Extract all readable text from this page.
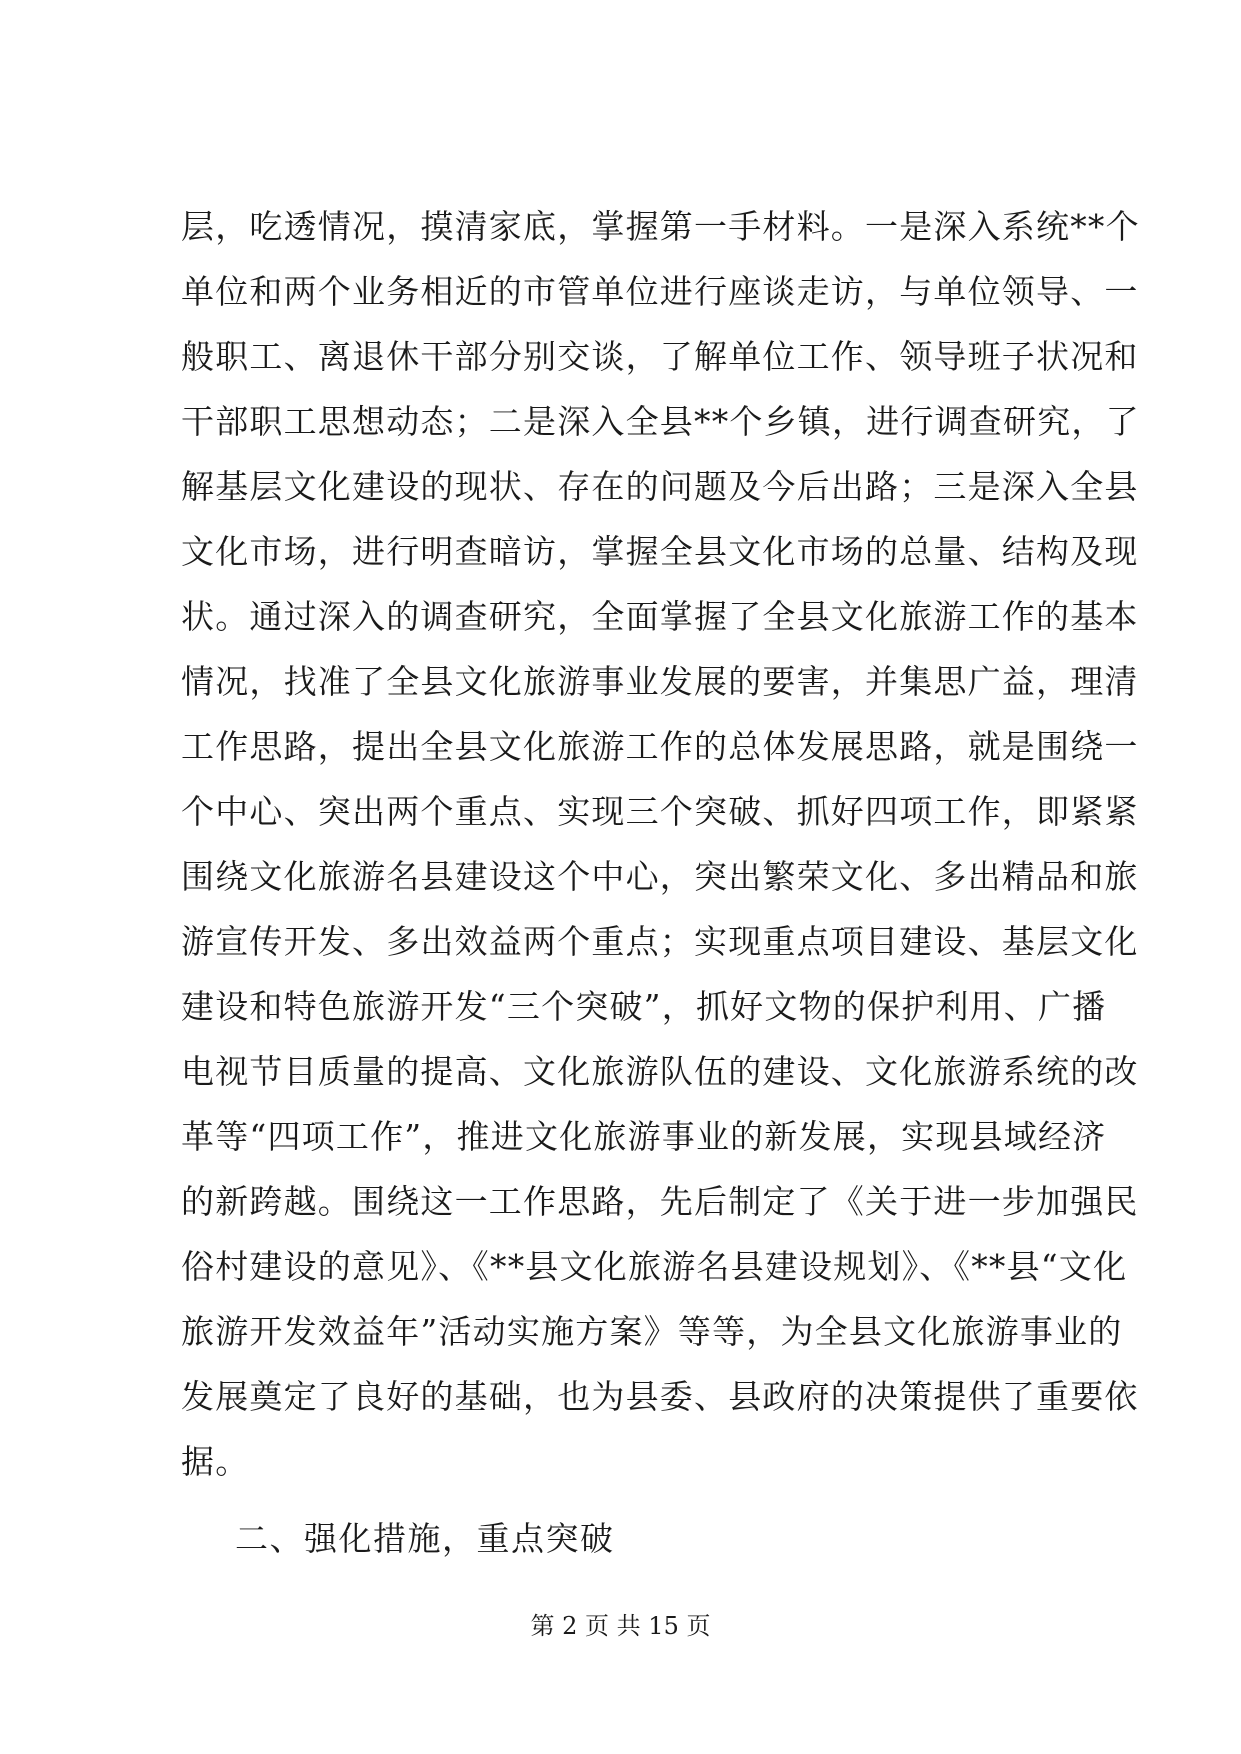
层，吃透情况，摸清家底，掌握第一手材料。一是深入系统**个
单位和两个业务相近的市管单位进行座谈走访，与单位领导、一
般职工、离退休干部分别交谈，了解单位工作、领导班子状况和
干部职工思想动态；二是深入全县**个乡镇，进行调查研究，了
解基层文化建设的现状、存在的问题及今后出路；三是深入全县
文化市场，进行明查暗访，掌握全县文化市场的总量、结构及现
状。通过深入的调查研究，全面掌握了全县文化旅游工作的基本
情况，找准了全县文化旅游事业发展的要害，并集思广益，理清
工作思路，提出全县文化旅游工作的总体发展思路，就是围绕一
个中心、突出两个重点、实现三个突破、抓好四项工作，即紧紧
围绕文化旅游名县建设这个中心，突出繁荣文化、多出精品和旅
游宣传开发、多出效益两个重点；实现重点项目建设、基层文化
建设和特色旅游开发“三个突破”，抓好文物的保护利用、广播
电视节目质量的提高、文化旅游队伍的建设、文化旅游系统的改
革等“四项工作”，推进文化旅游事业的新发展，实现县域经济
的新跨越。围绕这一工作思路，先后制定了《关于进一步加强民
俗村建设的意见》、《**县文化旅游名县建设规划》、《**县“文化
旅游开发效益年”活动实施方案》等等，为全县文化旅游事业的
发展奠定了良好的基础，也为县委、县政府的决策提供了重要依
据。
二、强化措施，重点突破
第 2 页 共 15 页
